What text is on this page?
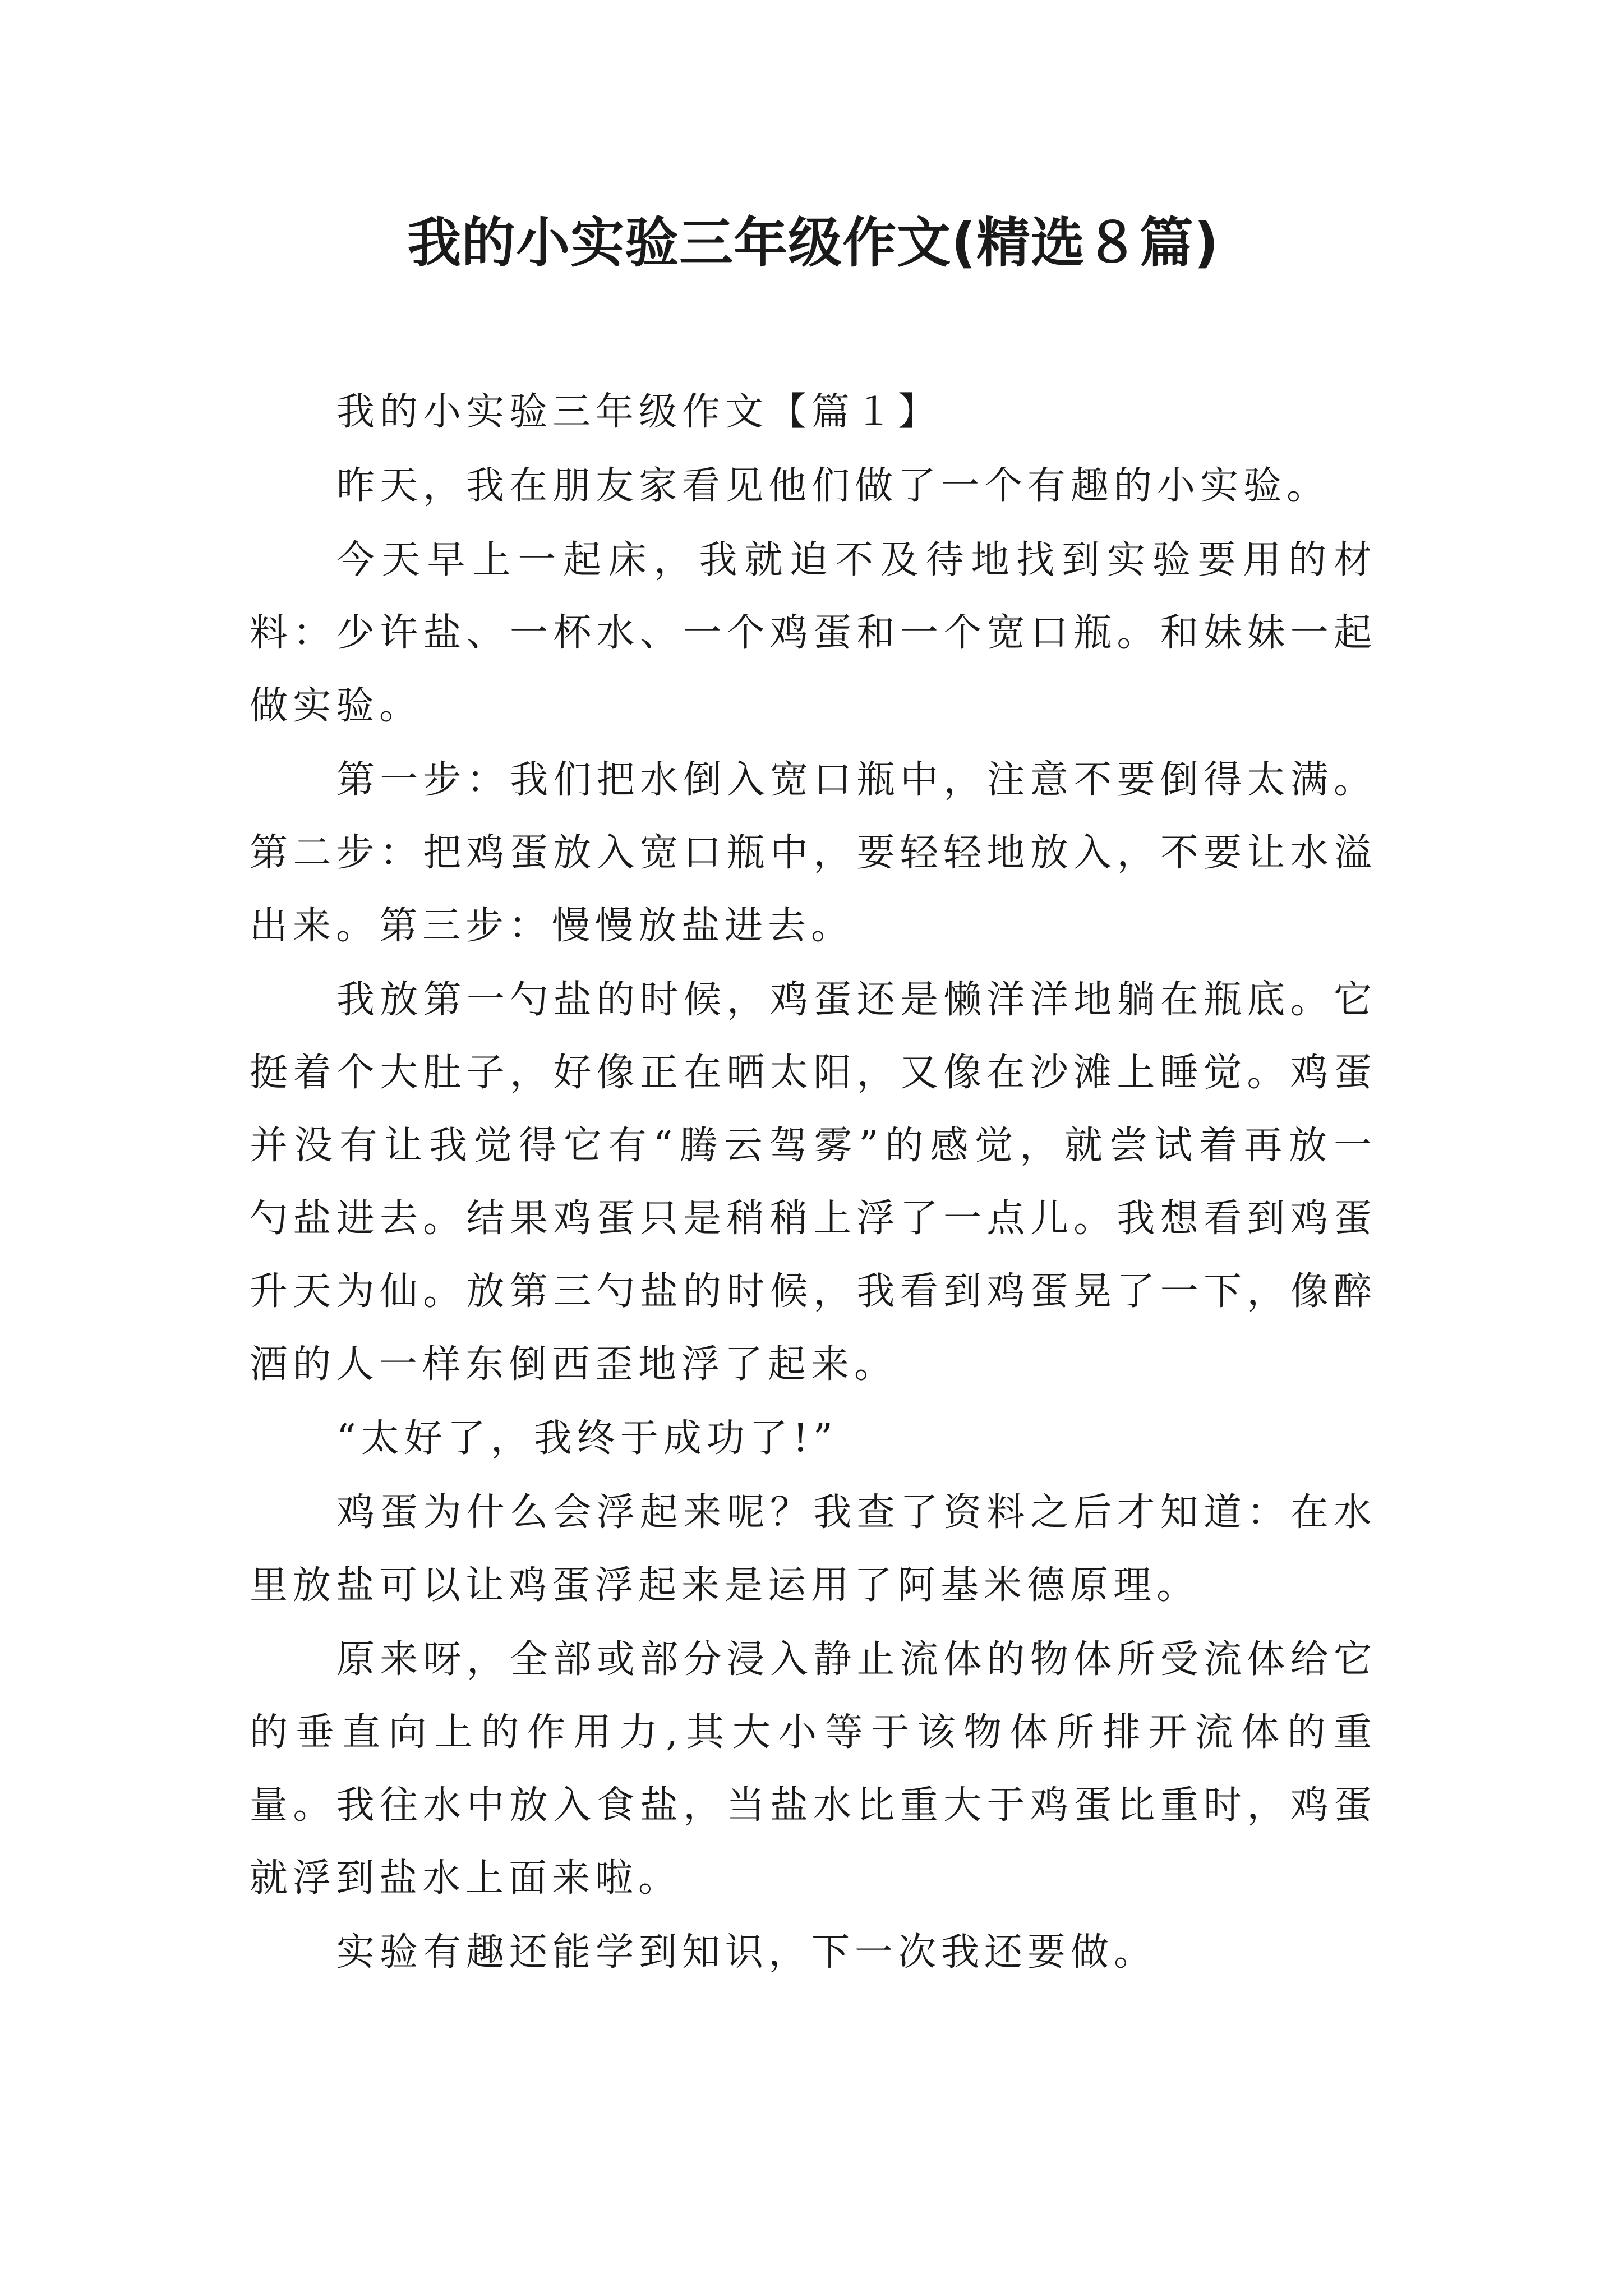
我的小实验三年级作文(精选８篇)

我的小实验三年级作文【篇１】

昨天，我在朋友家看见他们做了一个有趣的小实验。

今天早上一起床，我就迫不及待地找到实验要用的材料：少许盐、一杯水、一个鸡蛋和一个宽口瓶。和妹妹一起做实验。

第一步：我们把水倒入宽口瓶中，注意不要倒得太满。第二步：把鸡蛋放入宽口瓶中，要轻轻地放入，不要让水溢出来。第三步：慢慢放盐进去。

我放第一勺盐的时候，鸡蛋还是懒洋洋地躺在瓶底。它挺着个大肚子，好像正在晒太阳，又像在沙滩上睡觉。鸡蛋并没有让我觉得它有“腾云驾雾”的感觉，就尝试着再放一勺盐进去。结果鸡蛋只是稍稍上浮了一点儿。我想看到鸡蛋升天为仙。放第三勺盐的时候，我看到鸡蛋晃了一下，像醉酒的人一样东倒西歪地浮了起来。

“太好了，我终于成功了!”

鸡蛋为什么会浮起来呢？我查了资料之后才知道：在水里放盐可以让鸡蛋浮起来是运用了阿基米德原理。

原来呀，全部或部分浸入静止流体的物体所受流体给它的垂直向上的作用力,其大小等于该物体所排开流体的重量。我往水中放入食盐，当盐水比重大于鸡蛋比重时，鸡蛋就浮到盐水上面来啦。

实验有趣还能学到知识，下一次我还要做。
